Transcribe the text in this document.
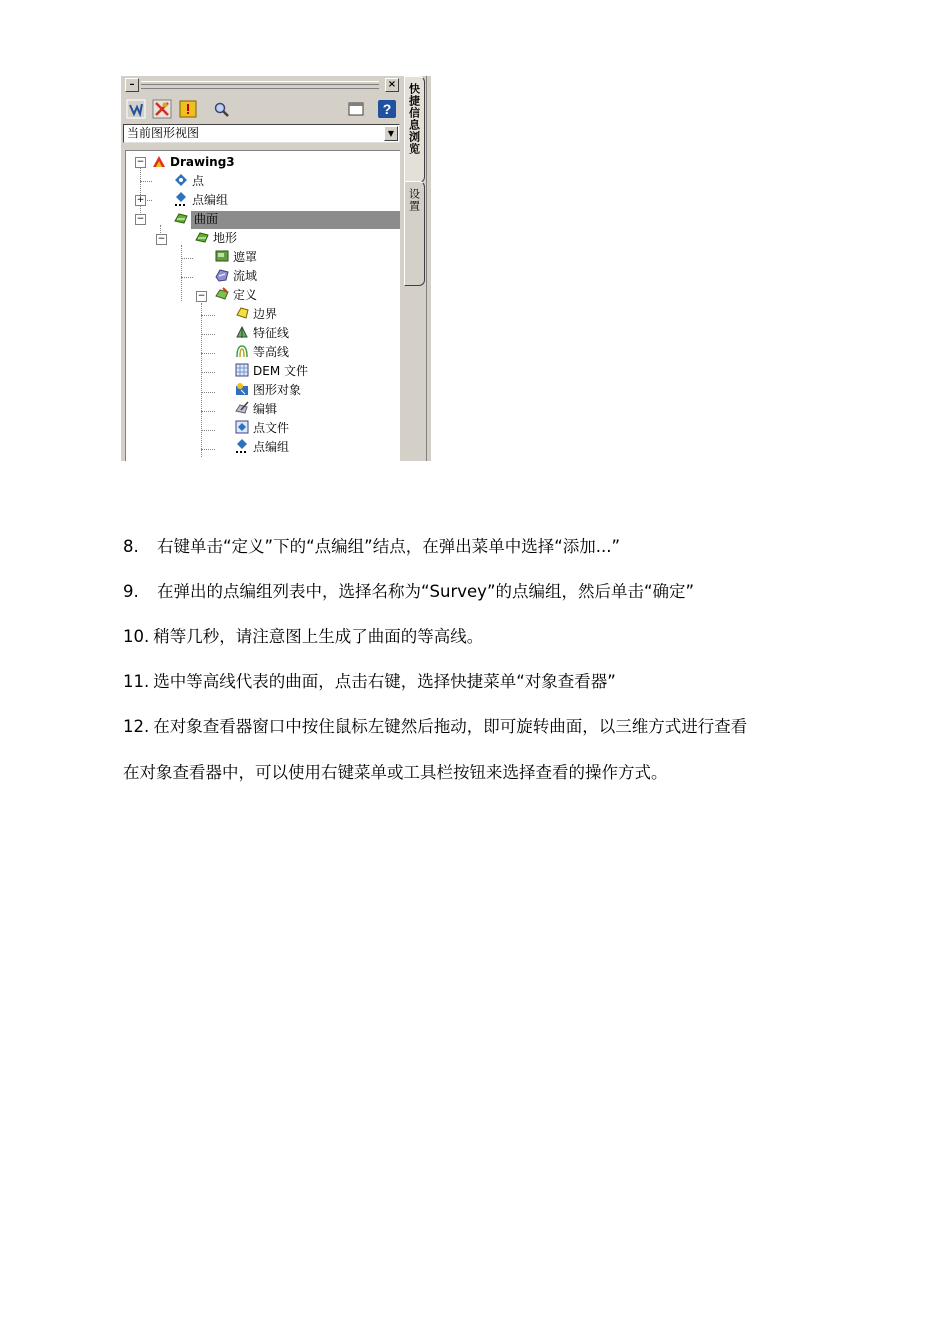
–	×
?
当前图形视图	▼
−
+
−
−
−
Drawing3
点
点编组
曲面
地形
遮罩
流域
定义
边界
特征线
等高线
DEM 文件
图形对象
编辑
点文件
点编组
快捷信息浏览
设置
8. 右键单击“定义”下的“点编组”结点，在弹出菜单中选择“添加...”
9. 在弹出的点编组列表中，选择名称为“Survey”的点编组，然后单击“确定”
10. 稍等几秒，请注意图上生成了曲面的等高线。
11. 选中等高线代表的曲面，点击右键，选择快捷菜单“对象查看器”
12. 在对象查看器窗口中按住鼠标左键然后拖动，即可旋转曲面，以三维方式进行查看
在对象查看器中，可以使用右键菜单或工具栏按钮来选择查看的操作方式。
